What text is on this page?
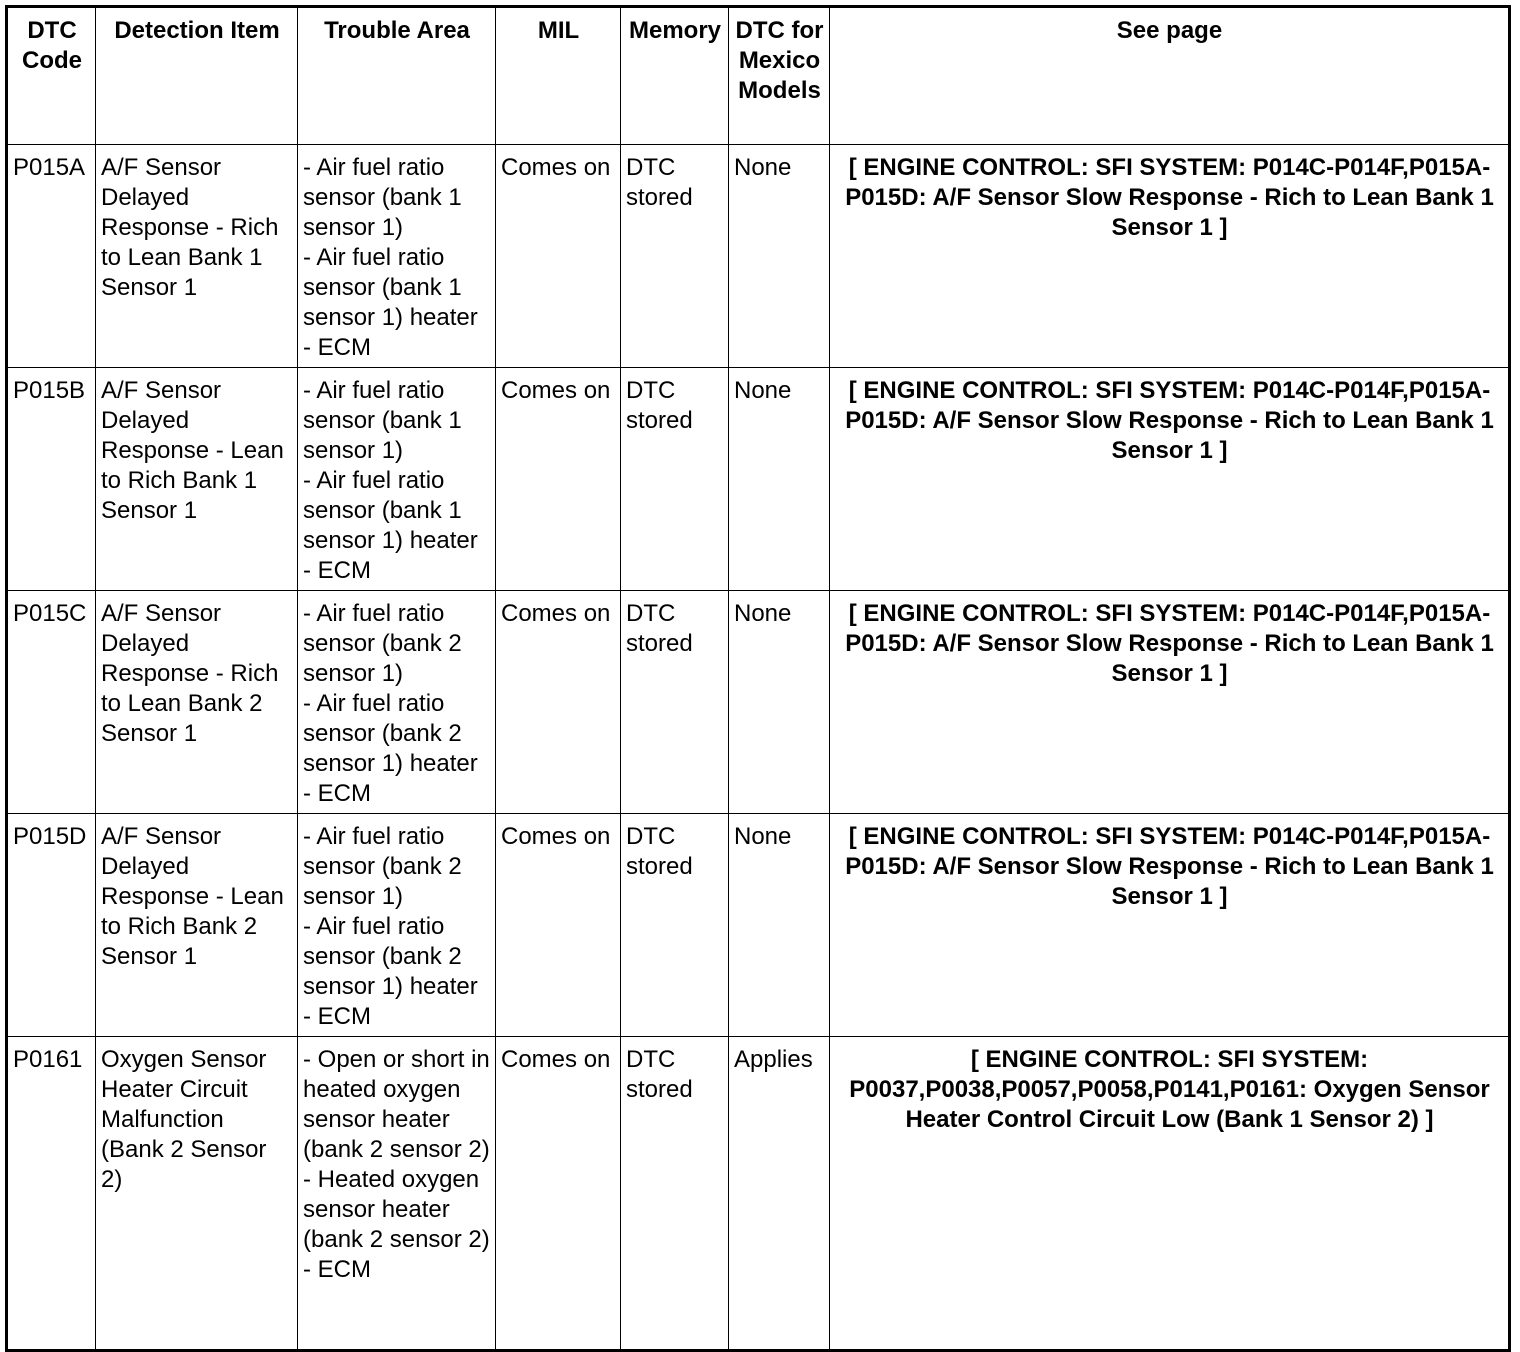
DTC Code	Detection Item	Trouble Area	MIL	Memory	DTC for Mexico Models	See page
P015A	A/F Sensor Delayed Response - Rich to Lean Bank 1 Sensor 1	- Air fuel ratio sensor (bank 1 sensor 1)
- Air fuel ratio sensor (bank 1 sensor 1) heater
- ECM	Comes on	DTC stored	None	[ ENGINE CONTROL: SFI SYSTEM: P014C-P014F,P015A-P015D: A/F Sensor Slow Response - Rich to Lean Bank 1 Sensor 1 ]
P015B	A/F Sensor Delayed Response - Lean to Rich Bank 1 Sensor 1	- Air fuel ratio sensor (bank 1 sensor 1)
- Air fuel ratio sensor (bank 1 sensor 1) heater
- ECM	Comes on	DTC stored	None	[ ENGINE CONTROL: SFI SYSTEM: P014C-P014F,P015A-P015D: A/F Sensor Slow Response - Rich to Lean Bank 1 Sensor 1 ]
P015C	A/F Sensor Delayed Response - Rich to Lean Bank 2 Sensor 1	- Air fuel ratio sensor (bank 2 sensor 1)
- Air fuel ratio sensor (bank 2 sensor 1) heater
- ECM	Comes on	DTC stored	None	[ ENGINE CONTROL: SFI SYSTEM: P014C-P014F,P015A-P015D: A/F Sensor Slow Response - Rich to Lean Bank 1 Sensor 1 ]
P015D	A/F Sensor Delayed Response - Lean to Rich Bank 2 Sensor 1	- Air fuel ratio sensor (bank 2 sensor 1)
- Air fuel ratio sensor (bank 2 sensor 1) heater
- ECM	Comes on	DTC stored	None	[ ENGINE CONTROL: SFI SYSTEM: P014C-P014F,P015A-P015D: A/F Sensor Slow Response - Rich to Lean Bank 1 Sensor 1 ]
P0161	Oxygen Sensor Heater Circuit Malfunction (Bank 2 Sensor 2)	- Open or short in heated oxygen sensor heater (bank 2 sensor 2)
- Heated oxygen sensor heater (bank 2 sensor 2)
- ECM	Comes on	DTC stored	Applies	[ ENGINE CONTROL: SFI SYSTEM: P0037,P0038,P0057,P0058,P0141,P0161: Oxygen Sensor Heater Control Circuit Low (Bank 1 Sensor 2) ]
